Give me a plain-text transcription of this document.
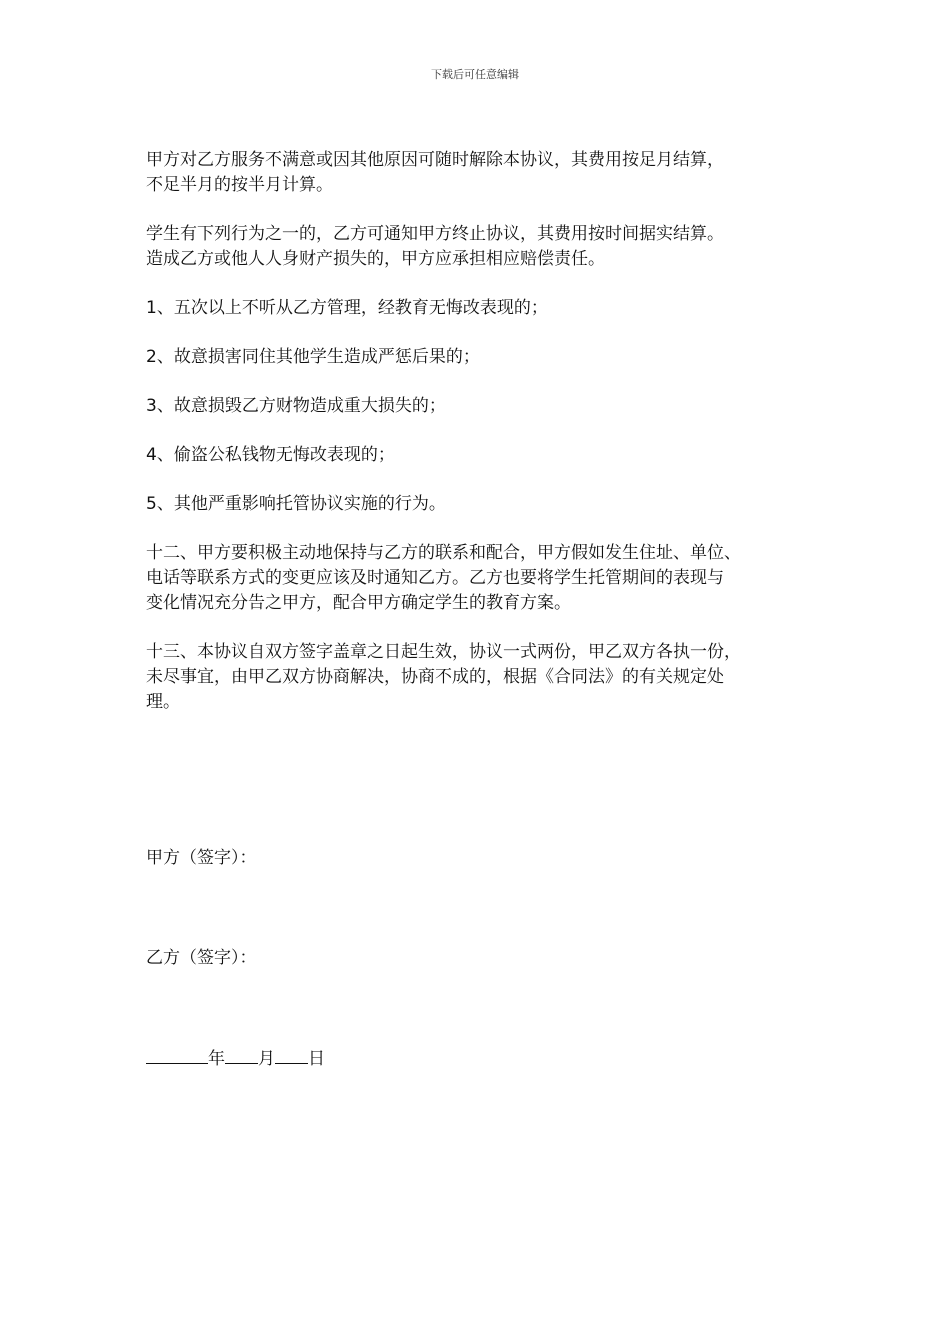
下载后可任意编辑

甲方对乙方服务不满意或因其他原因可随时解除本协议，其费用按足月结算，
不足半月的按半月计算。

学生有下列行为之一的，乙方可通知甲方终止协议，其费用按时间据实结算。
造成乙方或他人人身财产损失的，甲方应承担相应赔偿责任。

1、五次以上不听从乙方管理，经教育无悔改表现的；

2、故意损害同住其他学生造成严惩后果的；

3、故意损毁乙方财物造成重大损失的；

4、偷盗公私钱物无悔改表现的；

5、其他严重影响托管协议实施的行为。

十二、甲方要积极主动地保持与乙方的联系和配合，甲方假如发生住址、单位、
电话等联系方式的变更应该及时通知乙方。乙方也要将学生托管期间的表现与
变化情况充分告之甲方，配合甲方确定学生的教育方案。

十三、本协议自双方签字盖章之日起生效，协议一式两份，甲乙双方各执一份，
未尽事宜，由甲乙双方协商解决，协商不成的，根据《合同法》的有关规定处
理。

甲方（签字）：
乙方（签字）：
年 月 日
